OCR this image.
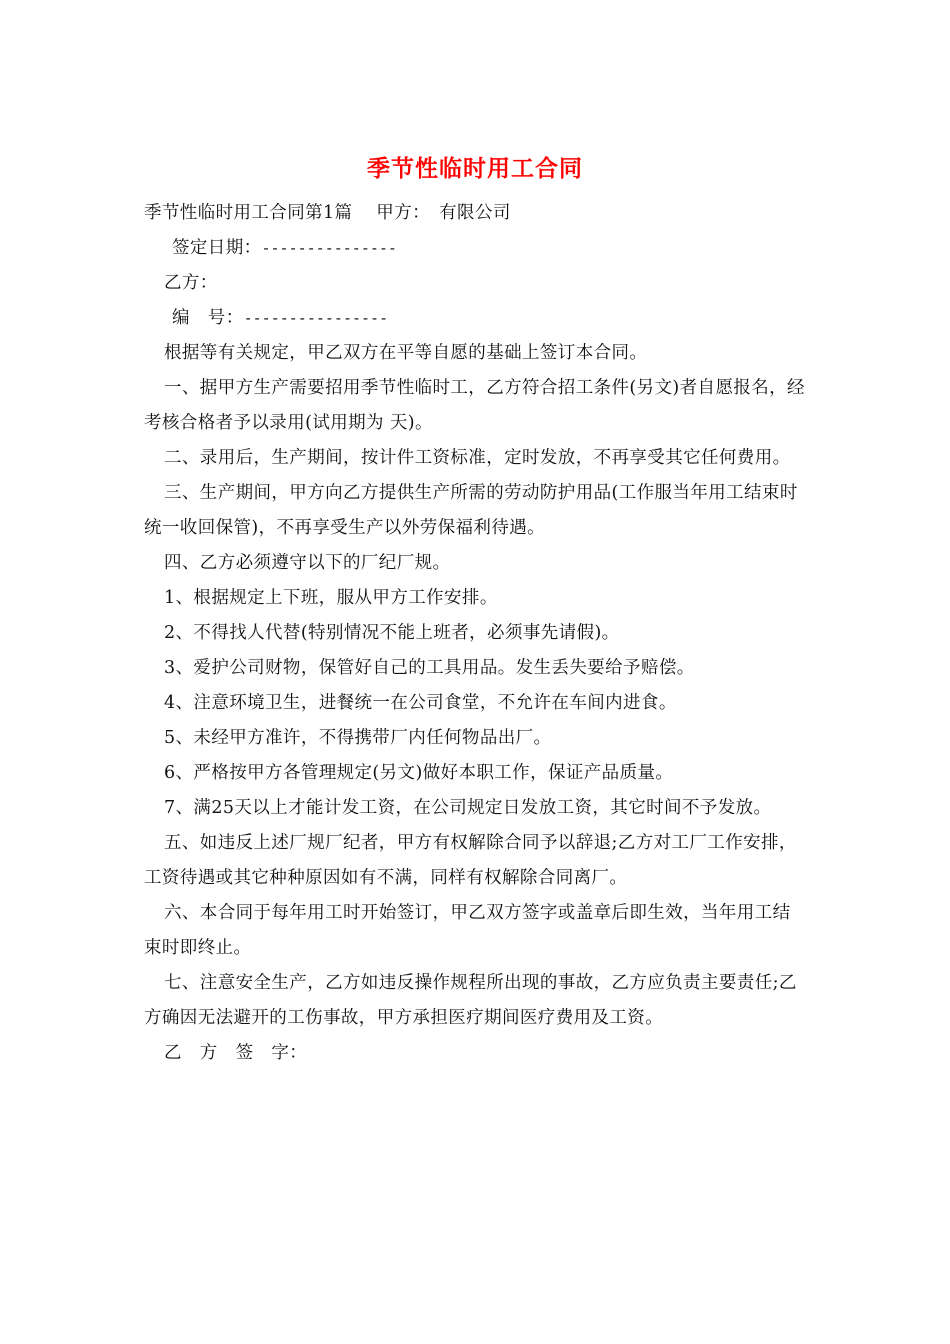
季节性临时用工合同

季节性临时用工合同第1篇　 甲方：　有限公司

签定日期：---------------

乙方：

编　号：----------------

根据等有关规定，甲乙双方在平等自愿的基础上签订本合同。

一、据甲方生产需要招用季节性临时工，乙方符合招工条件(另文)者自愿报名，经考核合格者予以录用(试用期为 天)。

二、录用后，生产期间，按计件工资标准，定时发放，不再享受其它任何费用。

三、生产期间，甲方向乙方提供生产所需的劳动防护用品(工作服当年用工结束时统一收回保管)，不再享受生产以外劳保福利待遇。

四、乙方必须遵守以下的厂纪厂规。

1、根据规定上下班，服从甲方工作安排。

2、不得找人代替(特别情况不能上班者，必须事先请假)。

3、爱护公司财物，保管好自己的工具用品。发生丢失要给予赔偿。

4、注意环境卫生，进餐统一在公司食堂，不允许在车间内进食。

5、未经甲方准许，不得携带厂内任何物品出厂。

6、严格按甲方各管理规定(另文)做好本职工作，保证产品质量。

7、满25天以上才能计发工资，在公司规定日发放工资，其它时间不予发放。

五、如违反上述厂规厂纪者，甲方有权解除合同予以辞退;乙方对工厂工作安排，工资待遇或其它种种原因如有不满，同样有权解除合同离厂。

六、本合同于每年用工时开始签订，甲乙双方签字或盖章后即生效，当年用工结束时即终止。

七、注意安全生产，乙方如违反操作规程所出现的事故，乙方应负责主要责任;乙方确因无法避开的工伤事故，甲方承担医疗期间医疗费用及工资。

乙　方　签　字：
